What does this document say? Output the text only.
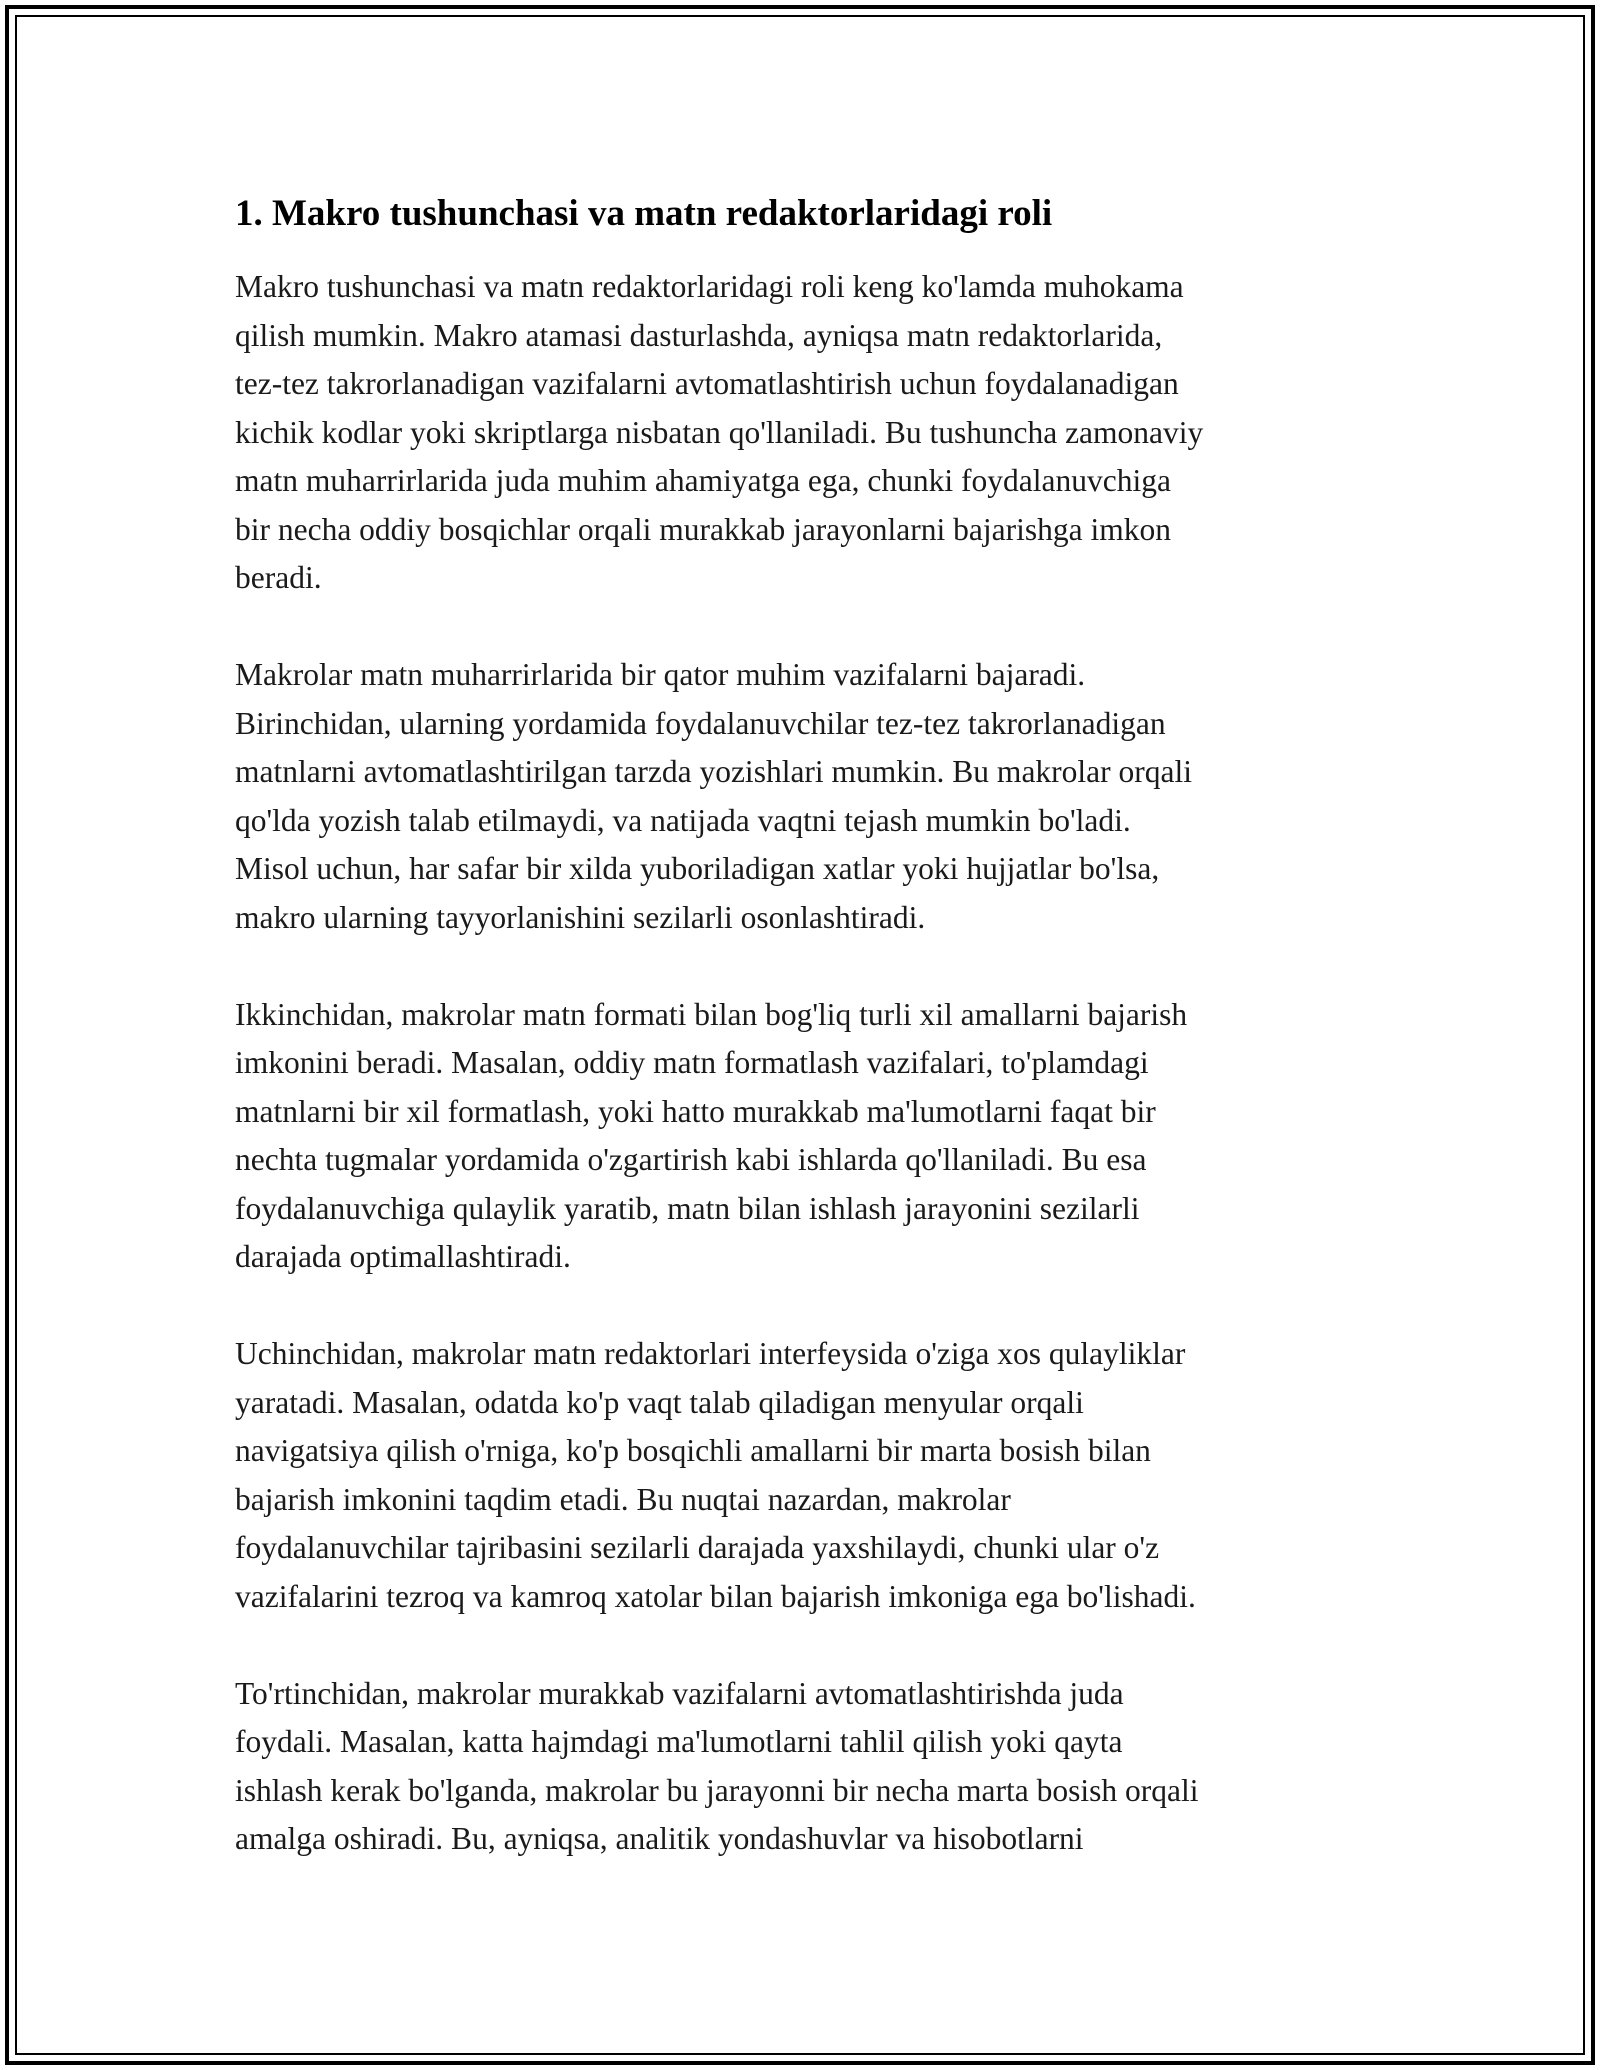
1. Makro tushunchasi va matn redaktorlaridagi roli
Makro tushunchasi va matn redaktorlaridagi roli keng ko'lamda muhokama
qilish mumkin. Makro atamasi dasturlashda, ayniqsa matn redaktorlarida,
tez-tez takrorlanadigan vazifalarni avtomatlashtirish uchun foydalanadigan
kichik kodlar yoki skriptlarga nisbatan qo'llaniladi. Bu tushuncha zamonaviy
matn muharrirlarida juda muhim ahamiyatga ega, chunki foydalanuvchiga
bir necha oddiy bosqichlar orqali murakkab jarayonlarni bajarishga imkon
beradi.
Makrolar matn muharrirlarida bir qator muhim vazifalarni bajaradi.
Birinchidan, ularning yordamida foydalanuvchilar tez-tez takrorlanadigan
matnlarni avtomatlashtirilgan tarzda yozishlari mumkin. Bu makrolar orqali
qo'lda yozish talab etilmaydi, va natijada vaqtni tejash mumkin bo'ladi.
Misol uchun, har safar bir xilda yuboriladigan xatlar yoki hujjatlar bo'lsa,
makro ularning tayyorlanishini sezilarli osonlashtiradi.
Ikkinchidan, makrolar matn formati bilan bog'liq turli xil amallarni bajarish
imkonini beradi. Masalan, oddiy matn formatlash vazifalari, to'plamdagi
matnlarni bir xil formatlash, yoki hatto murakkab ma'lumotlarni faqat bir
nechta tugmalar yordamida o'zgartirish kabi ishlarda qo'llaniladi. Bu esa
foydalanuvchiga qulaylik yaratib, matn bilan ishlash jarayonini sezilarli
darajada optimallashtiradi.
Uchinchidan, makrolar matn redaktorlari interfeysida o'ziga xos qulayliklar
yaratadi. Masalan, odatda ko'p vaqt talab qiladigan menyular orqali
navigatsiya qilish o'rniga, ko'p bosqichli amallarni bir marta bosish bilan
bajarish imkonini taqdim etadi. Bu nuqtai nazardan, makrolar
foydalanuvchilar tajribasini sezilarli darajada yaxshilaydi, chunki ular o'z
vazifalarini tezroq va kamroq xatolar bilan bajarish imkoniga ega bo'lishadi.
To'rtinchidan, makrolar murakkab vazifalarni avtomatlashtirishda juda
foydali. Masalan, katta hajmdagi ma'lumotlarni tahlil qilish yoki qayta
ishlash kerak bo'lganda, makrolar bu jarayonni bir necha marta bosish orqali
amalga oshiradi. Bu, ayniqsa, analitik yondashuvlar va hisobotlarni
